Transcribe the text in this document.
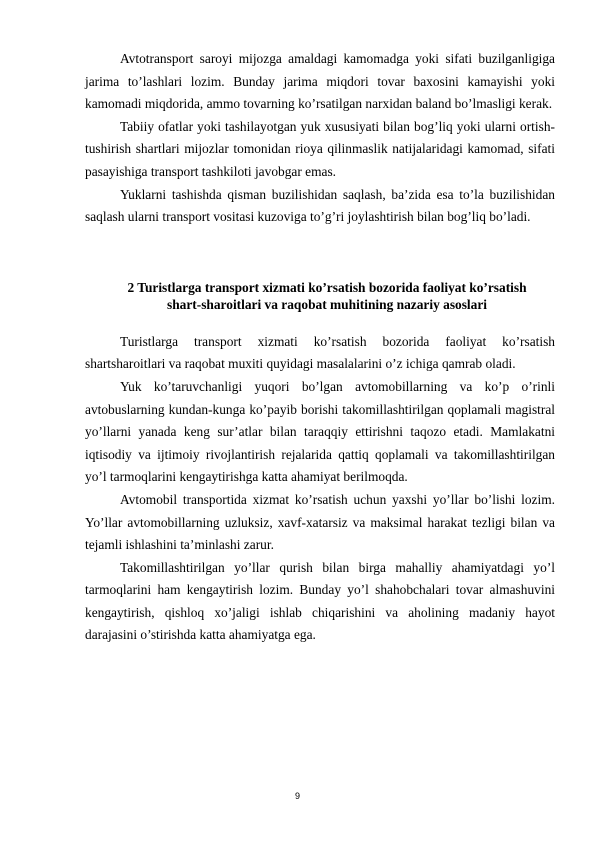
Avtotransport saroyi mijozga amaldagi kamomadga yoki sifati buzilganligiga jarima to’lashlari lozim. Bunday jarima miqdori tovar baxosini kamayishi yoki kamomadi miqdorida, ammo tovarning ko’rsatilgan narxidan baland bo’lmasligi kerak.

Tabiiy ofatlar yoki tashilayotgan yuk xususiyati bilan bog’liq yoki ularni ortish-tushirish shartlari mijozlar tomonidan rioya qilinmaslik natijalaridagi kamomad, sifati pasayishiga transport tashkiloti javobgar emas.

Yuklarni tashishda qisman buzilishidan saqlash, ba’zida esa to’la buzilishidan saqlash ularni transport vositasi kuzoviga to’g’ri joylashtirish bilan bog’liq bo’ladi.

2 Turistlarga transport xizmati ko’rsatish bozorida faoliyat ko’rsatish
shart-sharoitlari va raqobat muhitining nazariy asoslari

Turistlarga transport xizmati ko’rsatish bozorida faoliyat ko’rsatish shartsharoitlari va raqobat muxiti quyidagi masalalarini o’z ichiga qamrab oladi.

Yuk ko’taruvchanligi yuqori bo’lgan avtomobillarning va ko’p o’rinli avtobuslarning kundan-kunga ko’payib borishi takomillashtirilgan qoplamali magistral yo’llarni yanada keng sur’atlar bilan taraqqiy ettirishni taqozo etadi. Mamlakatni iqtisodiy va ijtimoiy rivojlantirish rejalarida qattiq qoplamali va takomillashtirilgan yo’l tarmoqlarini kengaytirishga katta ahamiyat berilmoqda.

Avtomobil transportida xizmat ko’rsatish uchun yaxshi yo’llar bo’lishi lozim. Yo’llar avtomobillarning uzluksiz, xavf-xatarsiz va maksimal harakat tezligi bilan va tejamli ishlashini ta’minlashi zarur.

Takomillashtirilgan yo’llar qurish bilan birga mahalliy ahamiyatdagi yo’l tarmoqlarini ham kengaytirish lozim. Bunday yo’l shahobchalari tovar almashuvini kengaytirish, qishloq xo’jaligi ishlab chiqarishini va aholining madaniy hayot darajasini o’stirishda katta ahamiyatga ega.

9
